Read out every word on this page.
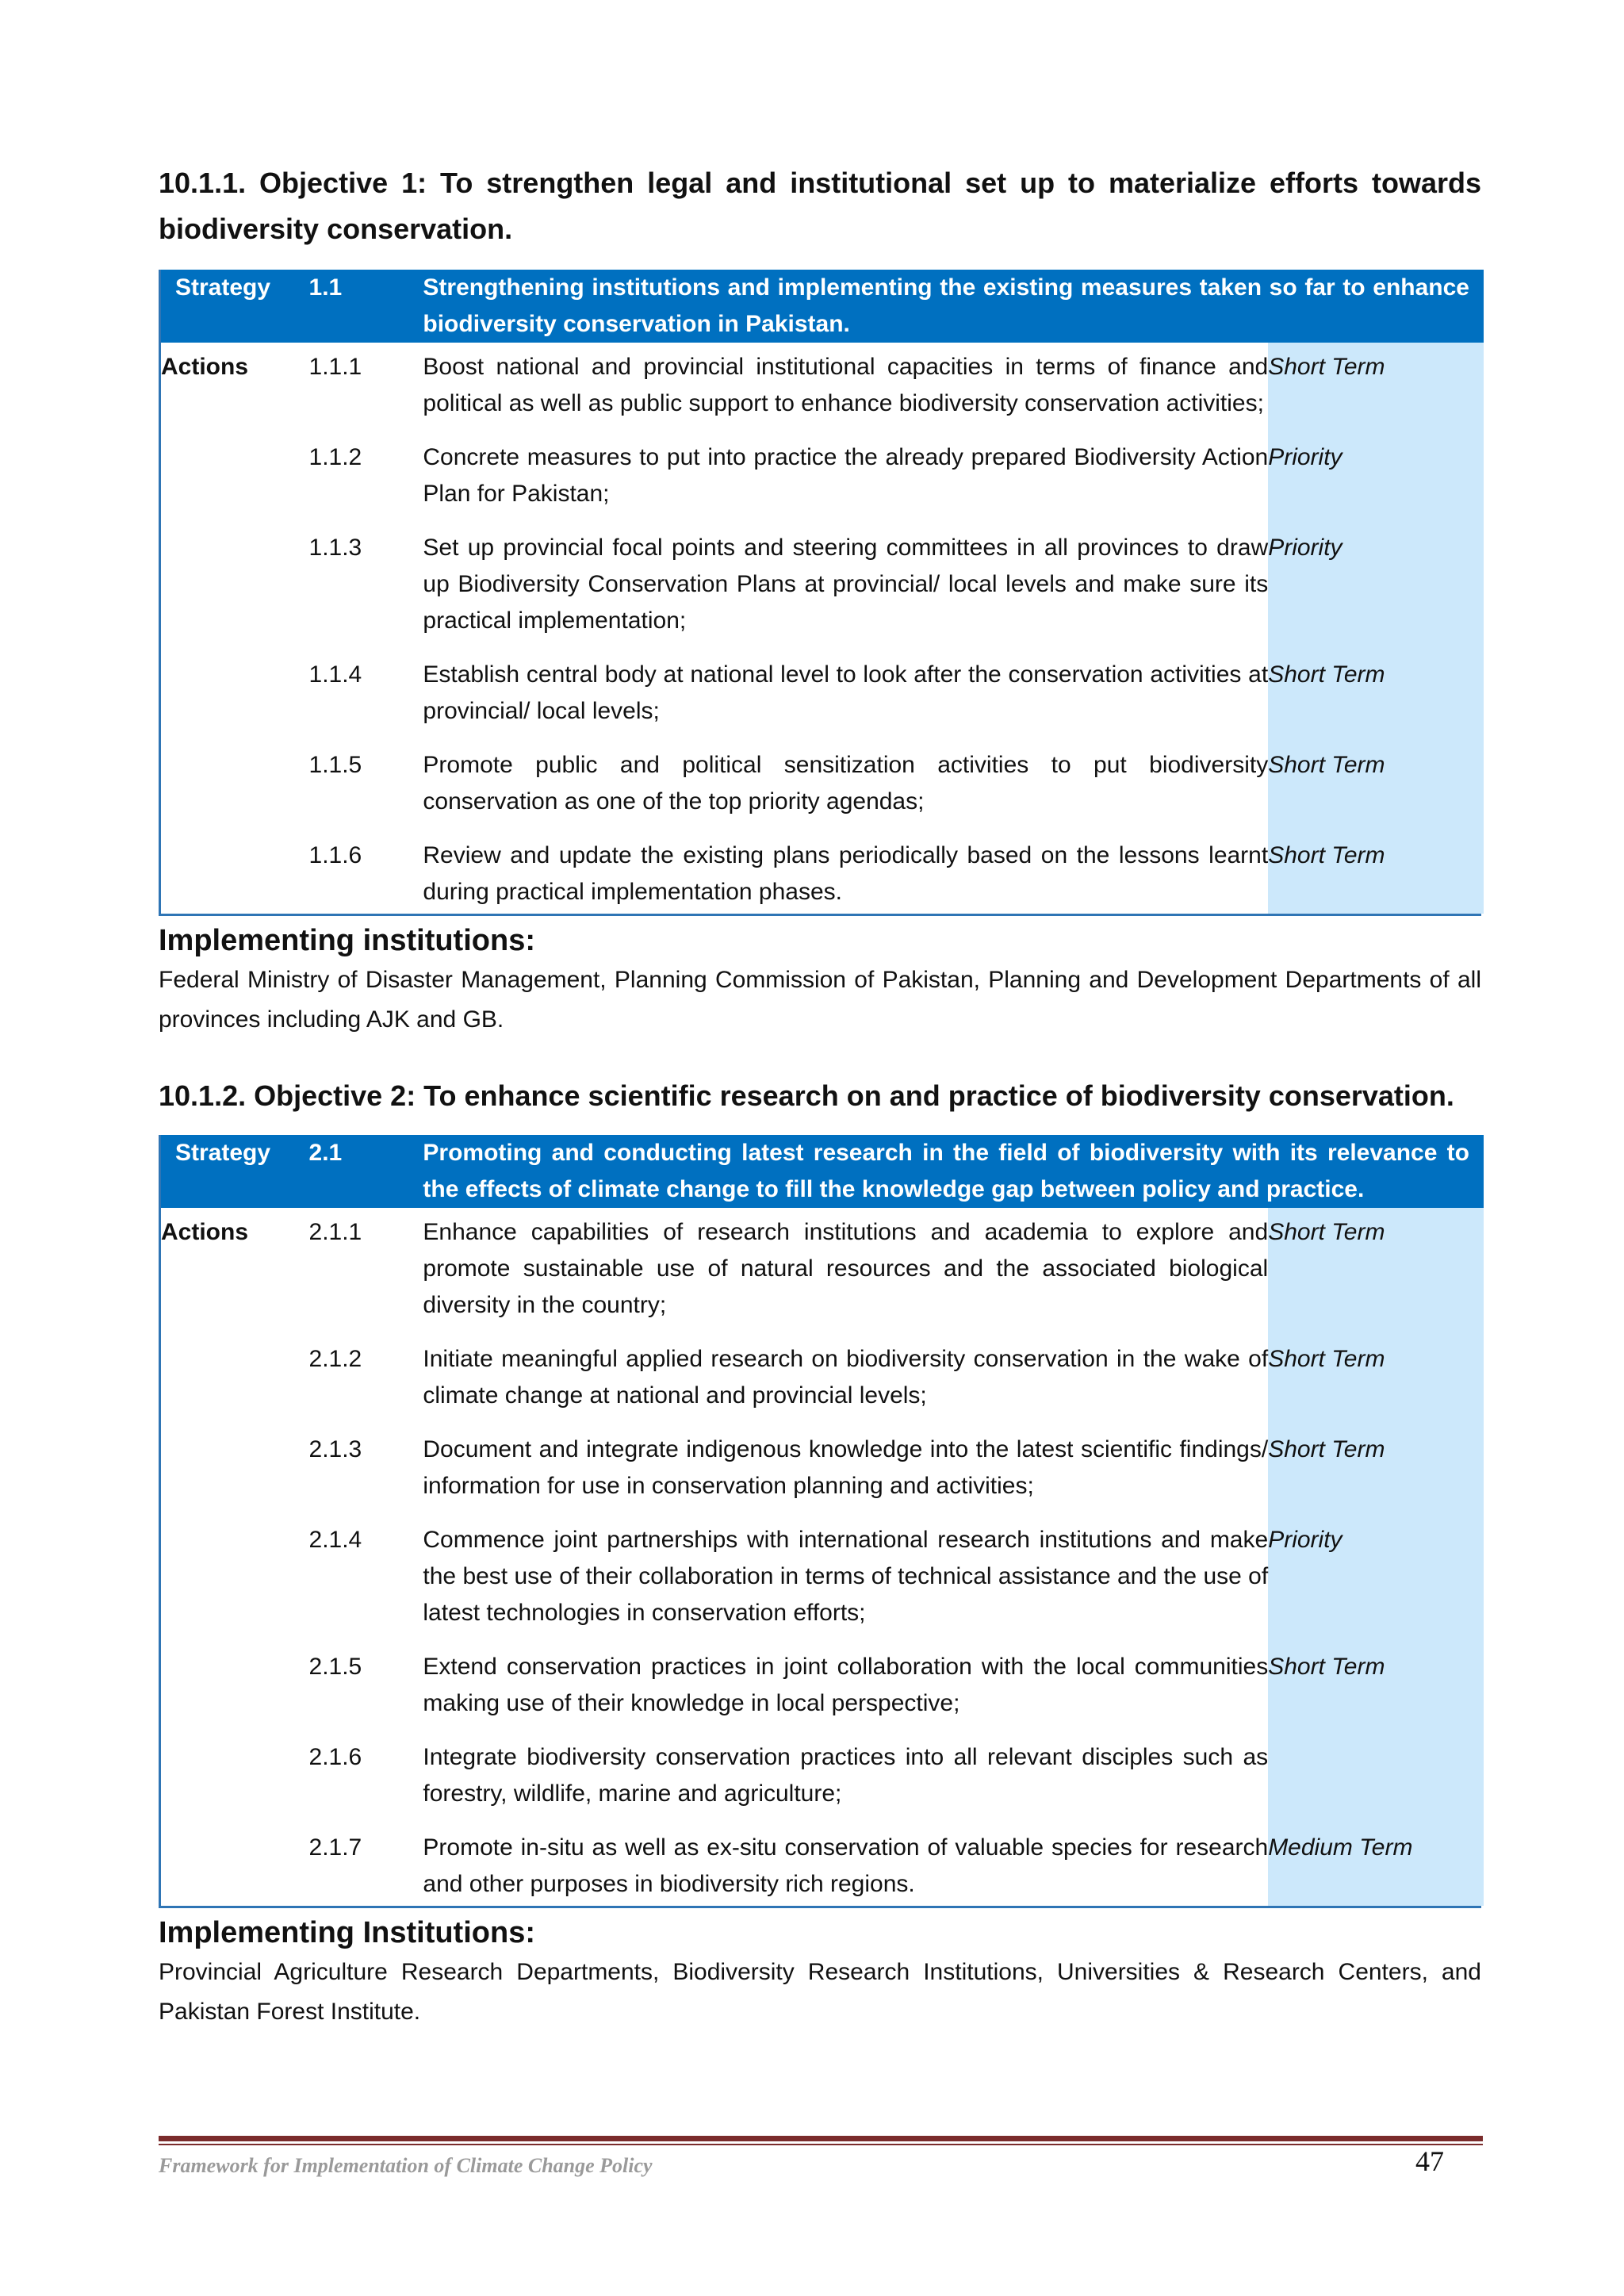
10.1.1. Objective 1: To strengthen legal and institutional set up to materialize efforts towards biodiversity conservation.

Strategy	1.1	Strengthening institutions and implementing the existing measures taken so far to enhance biodiversity conservation in Pakistan.	
Actions	1.1.1	Boost national and provincial institutional capacities in terms of finance and political as well as public support to enhance biodiversity conservation activities;	Short Term
	1.1.2	Concrete measures to put into practice the already prepared Biodiversity Action Plan for Pakistan;	Priority
	1.1.3	Set up provincial focal points and steering committees in all provinces to draw up Biodiversity Conservation Plans at provincial/ local levels and make sure its practical implementation;	Priority
	1.1.4	Establish central body at national level to look after the conservation activities at provincial/ local levels;	Short Term
	1.1.5	Promote public and political sensitization activities to put biodiversity conservation as one of the top priority agendas;	Short Term
	1.1.6	Review and update the existing plans periodically based on the lessons learnt during practical implementation phases.	Short Term

Implementing institutions:

Federal Ministry of Disaster Management, Planning Commission of Pakistan, Planning and Development Departments of all provinces including AJK and GB.

10.1.2. Objective 2: To enhance scientific research on and practice of biodiversity conservation.

Strategy	2.1	Promoting and conducting latest research in the field of biodiversity with its relevance to the effects of climate change to fill the knowledge gap between policy and practice.	
Actions	2.1.1	Enhance capabilities of research institutions and academia to explore and promote sustainable use of natural resources and the associated biological diversity in the country;	Short Term
	2.1.2	Initiate meaningful applied research on biodiversity conservation in the wake of climate change at national and provincial levels;	Short Term
	2.1.3	Document and integrate indigenous knowledge into the latest scientific findings/ information for use in conservation planning and activities;	Short Term
	2.1.4	Commence joint partnerships with international research institutions and make the best use of their collaboration in terms of technical assistance and the use of latest technologies in conservation efforts;	Priority
	2.1.5	Extend conservation practices in joint collaboration with the local communities making use of their knowledge in local perspective;	Short Term
	2.1.6	Integrate biodiversity conservation practices into all relevant disciples such as forestry, wildlife, marine and agriculture;	
	2.1.7	Promote in-situ as well as ex-situ conservation of valuable species for research and other purposes in biodiversity rich regions.	Medium Term

Implementing Institutions:

Provincial Agriculture Research Departments, Biodiversity Research Institutions, Universities & Research Centers, and Pakistan Forest Institute.

Framework for Implementation of Climate Change Policy	47
